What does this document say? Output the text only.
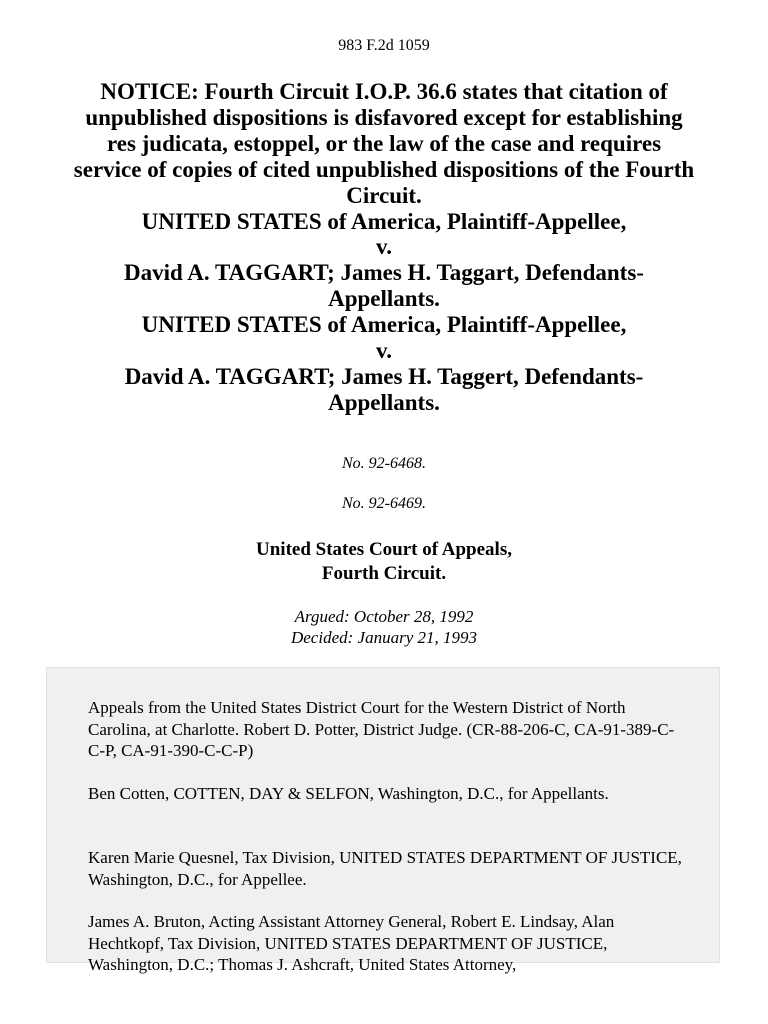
983 F.2d 1059
NOTICE: Fourth Circuit I.O.P. 36.6 states that citation of
unpublished dispositions is disfavored except for establishing
res judicata, estoppel, or the law of the case and requires
service of copies of cited unpublished dispositions of the Fourth
Circuit.
UNITED STATES of America, Plaintiff-Appellee,
v.
David A. TAGGART; James H. Taggart, Defendants-
Appellants.
UNITED STATES of America, Plaintiff-Appellee,
v.
David A. TAGGART; James H. Taggert, Defendants-
Appellants.
No. 92-6468.
No. 92-6469.
United States Court of Appeals,
Fourth Circuit.
Argued: October 28, 1992
Decided: January 21, 1993

Appeals from the United States District Court for the Western District of North Carolina, at Charlotte. Robert D. Potter, District Judge. (CR-88-206-C, CA-91-389-C-C-P, CA-91-390-C-C-P)

Ben Cotten, COTTEN, DAY & SELFON, Washington, D.C., for Appellants.

Karen Marie Quesnel, Tax Division, UNITED STATES DEPARTMENT OF JUSTICE, Washington, D.C., for Appellee.

James A. Bruton, Acting Assistant Attorney General, Robert E. Lindsay, Alan Hechtkopf, Tax Division, UNITED STATES DEPARTMENT OF JUSTICE, Washington, D.C.; Thomas J. Ashcraft, United States Attorney,
